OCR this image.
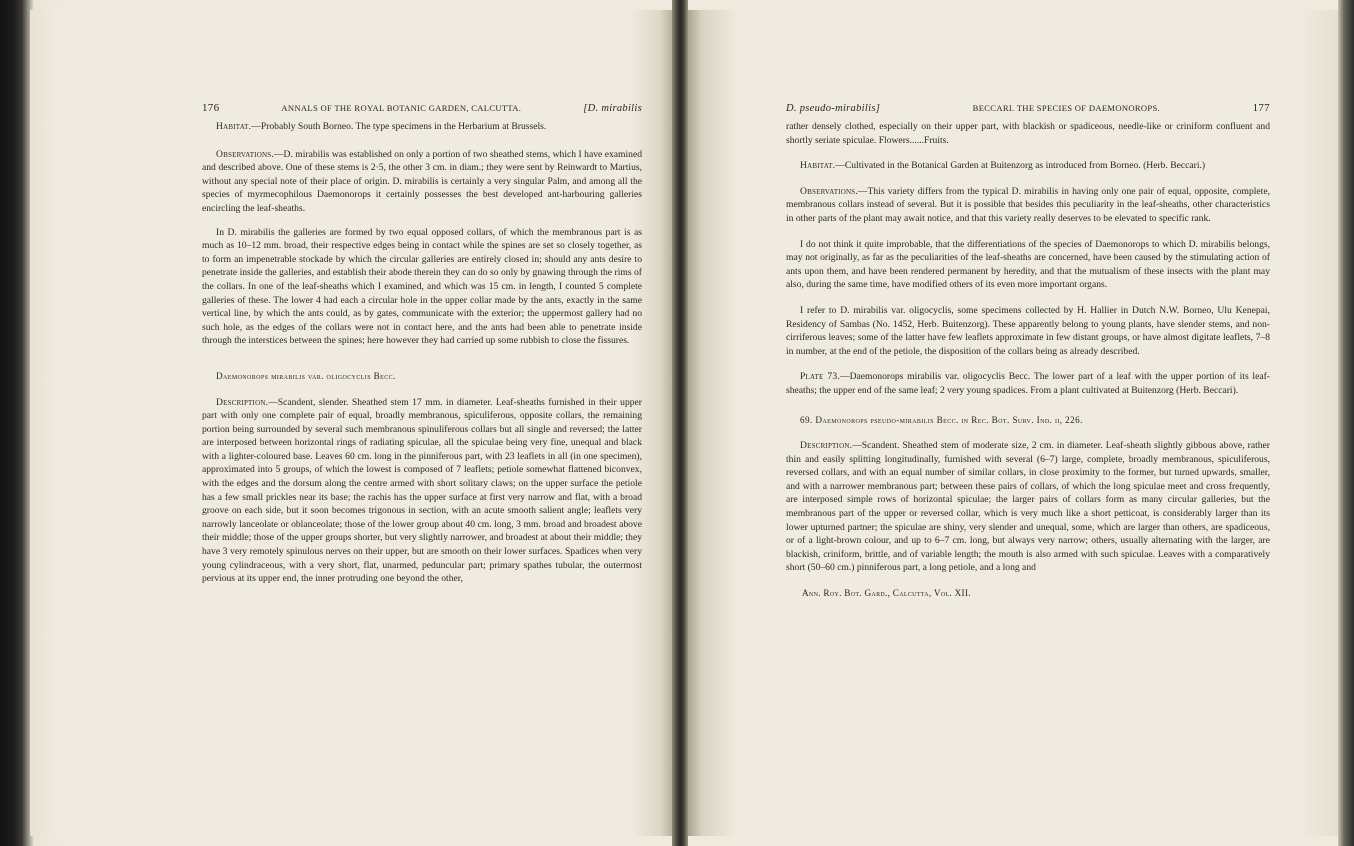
176	ANNALS OF THE ROYAL BOTANIC GARDEN, CALCUTTA.	[D. mirabilis

Habitat.—Probably South Borneo. The type specimens in the Herbarium at Brussels.

Observations.—D. mirabilis was established on only a portion of two sheathed stems, which I have examined and described above. One of these stems is 2·5, the other 3 cm. in diam.; they were sent by Reinwardt to Martius, without any special note of their place of origin. D. mirabilis is certainly a very singular Palm, and among all the species of myrmecophilous Daemonorops it certainly possesses the best developed ant-harbouring galleries encircling the leaf-sheaths.

In D. mirabilis the galleries are formed by two equal opposed collars, of which the membranous part is as much as 10–12 mm. broad, their respective edges being in contact while the spines are set so closely together, as to form an impenetrable stockade by which the circular galleries are entirely closed in; should any ants desire to penetrate inside the galleries, and establish their abode therein they can do so only by gnawing through the rims of the collars. In one of the leaf-sheaths which I examined, and which was 15 cm. in length, I counted 5 complete galleries of these. The lower 4 had each a circular hole in the upper collar made by the ants, exactly in the same vertical line, by which the ants could, as by gates, communicate with the exterior; the uppermost gallery had no such hole, as the edges of the collars were not in contact here, and the ants had been able to penetrate inside through the interstices between the spines; here however they had carried up some rubbish to close the fissures.

Daemonorops mirabilis var. oligocyclis Becc.

Description.—Scandent, slender. Sheathed stem 17 mm. in diameter. Leaf-sheaths furnished in their upper part with only one complete pair of equal, broadly membranous, spiculiferous, opposite collars, the remaining portion being surrounded by several such membranous spinuliferous collars but all single and reversed; the latter are interposed between horizontal rings of radiating spiculae, all the spiculae being very fine, unequal and black with a lighter-coloured base. Leaves 60 cm. long in the pinniferous part, with 23 leaflets in all (in one specimen), approximated into 5 groups, of which the lowest is composed of 7 leaflets; petiole somewhat flattened biconvex, with the edges and the dorsum along the centre armed with short solitary claws; on the upper surface the petiole has a few small prickles near its base; the rachis has the upper surface at first very narrow and flat, with a broad groove on each side, but it soon becomes trigonous in section, with an acute smooth salient angle; leaflets very narrowly lanceolate or oblanceolate; those of the lower group about 40 cm. long, 3 mm. broad and broadest above their middle; those of the upper groups shorter, but very slightly narrower, and broadest at about their middle; they have 3 very remotely spinulous nerves on their upper, but are smooth on their lower surfaces. Spadices when very young cylindraceous, with a very short, flat, unarmed, peduncular part; primary spathes tubular, the outermost pervious at its upper end, the inner protruding one beyond the other,

D. pseudo-mirabilis]	BECCARI. THE SPECIES OF DAEMONOROPS.	177

rather densely clothed, especially on their upper part, with blackish or spadiceous, needle-like or criniform confluent and shortly seriate spiculae. Flowers......Fruits.

Habitat.—Cultivated in the Botanical Garden at Buitenzorg as introduced from Borneo. (Herb. Beccari.)

Observations.—This variety differs from the typical D. mirabilis in having only one pair of equal, opposite, complete, membranous collars instead of several. But it is possible that besides this peculiarity in the leaf-sheaths, other characteristics in other parts of the plant may await notice, and that this variety really deserves to be elevated to specific rank.

I do not think it quite improbable, that the differentiations of the species of Daemonorops to which D. mirabilis belongs, may not originally, as far as the peculiarities of the leaf-sheaths are concerned, have been caused by the stimulating action of ants upon them, and have been rendered permanent by heredity, and that the mutualism of these insects with the plant may also, during the same time, have modified others of its even more important organs.

I refer to D. mirabilis var. oligocyclis, some specimens collected by H. Hallier in Dutch N.W. Borneo, Ulu Kenepai, Residency of Sambas (No. 1452, Herb. Buitenzorg). These apparently belong to young plants, have slender stems, and non-cirriferous leaves; some of the latter have few leaflets approximate in few distant groups, or have almost digitate leaflets, 7–8 in number, at the end of the petiole, the disposition of the collars being as already described.

Plate 73.—Daemonorops mirabilis var. oligocyclis Becc. The lower part of a leaf with the upper portion of its leaf-sheaths; the upper end of the same leaf; 2 very young spadices. From a plant cultivated at Buitenzorg (Herb. Beccari).

69. Daemonorops pseudo-mirabilis Becc. in Rec. Bot. Surv. Ind. ii, 226.

Description.—Scandent. Sheathed stem of moderate size, 2 cm. in diameter. Leaf-sheath slightly gibbous above, rather thin and easily splitting longitudinally, furnished with several (6–7) large, complete, broadly membranous, spiculiferous, reversed collars, and with an equal number of similar collars, in close proximity to the former, but turned upwards, smaller, and with a narrower membranous part; between these pairs of collars, of which the long spiculae meet and cross frequently, are interposed simple rows of horizontal spiculae; the larger pairs of collars form as many circular galleries, but the membranous part of the upper or reversed collar, which is very much like a short petticoat, is considerably larger than its lower upturned partner; the spiculae are shiny, very slender and unequal, some, which are larger than others, are spadiceous, or of a light-brown colour, and up to 6–7 cm. long, but always very narrow; others, usually alternating with the larger, are blackish, criniform, brittle, and of variable length; the mouth is also armed with such spiculae. Leaves with a comparatively short (50–60 cm.) pinniferous part, a long petiole, and a long and

Ann. Roy. Bot. Gard., Calcutta, Vol. XII.
